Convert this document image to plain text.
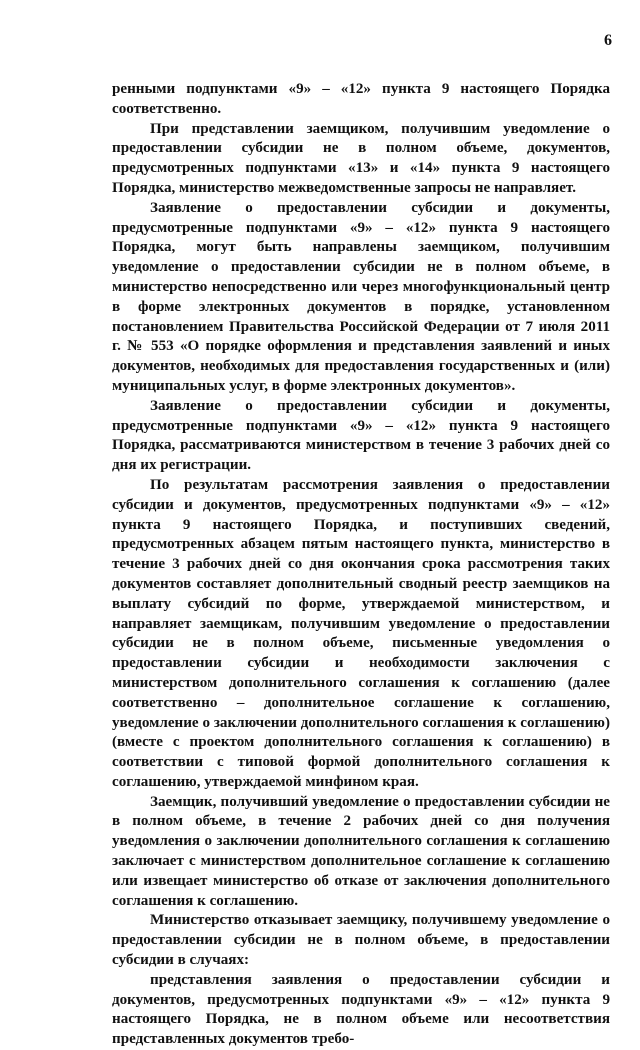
6

ренными подпунктами «9» – «12» пункта 9 настоящего Порядка соответственно.

При представлении заемщиком, получившим уведомление о предоставлении субсидии не в полном объеме, документов, предусмотренных подпунктами «13» и «14» пункта 9 настоящего Порядка, министерство межведомственные запросы не направляет.

Заявление о предоставлении субсидии и документы, предусмотренные подпунктами «9» – «12» пункта 9 настоящего Порядка, могут быть направлены заемщиком, получившим уведомление о предоставлении субсидии не в полном объеме, в министерство непосредственно или через многофункциональный центр в форме электронных документов в порядке, установленном постановлением Правительства Российской Федерации от 7 июля 2011 г. № 553 «О порядке оформления и представления заявлений и иных документов, необходимых для предоставления государственных и (или) муниципальных услуг, в форме электронных документов».

Заявление о предоставлении субсидии и документы, предусмотренные подпунктами «9» – «12» пункта 9 настоящего Порядка, рассматриваются министерством в течение 3 рабочих дней со дня их регистрации.

По результатам рассмотрения заявления о предоставлении субсидии и документов, предусмотренных подпунктами «9» – «12» пункта 9 настоящего Порядка, и поступивших сведений, предусмотренных абзацем пятым настоящего пункта, министерство в течение 3 рабочих дней со дня окончания срока рассмотрения таких документов составляет дополнительный сводный реестр заемщиков на выплату субсидий по форме, утверждаемой министерством, и направляет заемщикам, получившим уведомление о предоставлении субсидии не в полном объеме, письменные уведомления о предоставлении субсидии и необходимости заключения с министерством дополнительного соглашения к соглашению (далее соответственно – дополнительное соглашение к соглашению, уведомление о заключении дополнительного соглашения к соглашению) (вместе с проектом дополнительного соглашения к соглашению) в соответствии с типовой формой дополнительного соглашения к соглашению, утверждаемой минфином края.

Заемщик, получивший уведомление о предоставлении субсидии не в полном объеме, в течение 2 рабочих дней со дня получения уведомления о заключении дополнительного соглашения к соглашению заключает с министерством дополнительное соглашение к соглашению или извещает министерство об отказе от заключения дополнительного соглашения к соглашению.

Министерство отказывает заемщику, получившему уведомление о предоставлении субсидии не в полном объеме, в предоставлении субсидии в случаях:

представления заявления о предоставлении субсидии и документов, предусмотренных подпунктами «9» – «12» пункта 9 настоящего Порядка, не в полном объеме или несоответствия представленных документов требо-
